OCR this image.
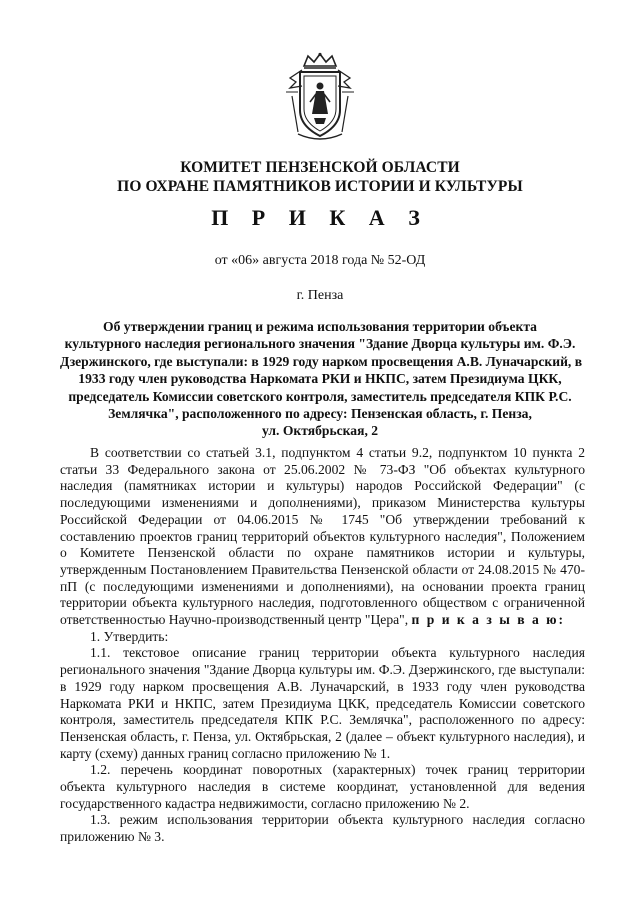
КОМИТЕТ ПЕНЗЕНСКОЙ ОБЛАСТИ
ПО ОХРАНЕ ПАМЯТНИКОВ ИСТОРИИ И КУЛЬТУРЫ
П Р И К А З
от «06» августа 2018 года № 52-ОД
г. Пенза
Об утверждении границ и режима использования территории объекта
культурного наследия регионального значения "Здание Дворца культуры им. Ф.Э.
Дзержинского, где выступали: в 1929 году нарком просвещения А.В. Луначарский, в
1933 году член руководства Наркомата РКИ и НКПС, затем Президиума ЦКК,
председатель Комиссии советского контроля, заместитель председателя КПК Р.С.
Землячка", расположенного по адресу: Пензенская область, г. Пенза,
ул. Октябрьская, 2

В соответствии со статьей 3.1, подпунктом 4 статьи 9.2, подпунктом 10 пункта 2 статьи 33 Федерального закона от 25.06.2002 № 73-ФЗ "Об объектах культурного наследия (памятниках истории и культуры) народов Российской Федерации" (с последующими изменениями и дополнениями), приказом Министерства культуры Российской Федерации от 04.06.2015 № 1745 "Об утверждении требований к составлению проектов границ территорий объектов культурного наследия", Положением о Комитете Пензенской области по охране памятников истории и культуры, утвержденным Постановлением Правительства Пензенской области от 24.08.2015 № 470-пП (с последующими изменениями и дополнениями), на основании проекта границ территории объекта культурного наследия, подготовленного обществом с ограниченной ответственностью Научно-производственный центр "Цера", п р и к а з ы в а ю:

1. Утвердить:

1.1. текстовое описание границ территории объекта культурного наследия регионального значения "Здание Дворца культуры им. Ф.Э. Дзержинского, где выступали: в 1929 году нарком просвещения А.В. Луначарский, в 1933 году член руководства Наркомата РКИ и НКПС, затем Президиума ЦКК, председатель Комиссии советского контроля, заместитель председателя КПК Р.С. Землячка", расположенного по адресу: Пензенская область, г. Пенза, ул. Октябрьская, 2 (далее – объект культурного наследия), и карту (схему) данных границ согласно приложению № 1.

1.2. перечень координат поворотных (характерных) точек границ территории объекта культурного наследия в системе координат, установленной для ведения государственного кадастра недвижимости, согласно приложению № 2.

1.3. режим использования территории объекта культурного наследия согласно приложению № 3.
